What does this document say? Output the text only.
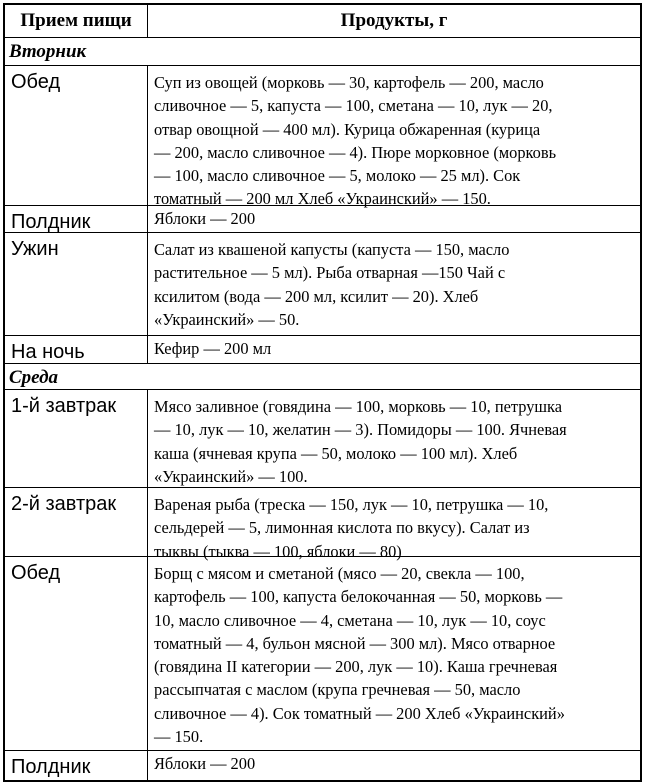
Прием пищи	Продукты, г
Вторник
Обед	Суп из овощей (морковь — 30, картофель — 200, масло
сливочное — 5, капуста — 100, сметана — 10, лук — 20,
отвар овощной — 400 мл). Курица обжаренная (курица
— 200, масло сливочное — 4). Пюре морковное (морковь
— 100, масло сливочное — 5, молоко — 25 мл). Сок
томатный — 200 мл Хлеб «Украинский» — 150.
Полдник	Яблоки — 200
Ужин	Салат из квашеной капусты (капуста — 150, масло
растительное — 5 мл). Рыба отварная —150 Чай с
ксилитом (вода — 200 мл, ксилит — 20). Хлеб
«Украинский» — 50.
На ночь	Кефир — 200 мл
Среда
1-й завтрак	Мясо заливное (говядина — 100, морковь — 10, петрушка
— 10, лук — 10, желатин — 3). Помидоры — 100. Ячневая
каша (ячневая крупа — 50, молоко — 100 мл). Хлеб
«Украинский» — 100.
2-й завтрак	Вареная рыба (треска — 150, лук — 10, петрушка — 10,
сельдерей — 5, лимонная кислота по вкусу). Салат из
тыквы (тыква — 100, яблоки — 80)
Обед	Борщ с мясом и сметаной (мясо — 20, свекла — 100,
картофель — 100, капуста белокочанная — 50, морковь —
10, масло сливочное — 4, сметана — 10, лук — 10, соус
томатный — 4, бульон мясной — 300 мл). Мясо отварное
(говядина II категории — 200, лук — 10). Каша гречневая
рассыпчатая с маслом (крупа гречневая — 50, масло
сливочное — 4). Сок томатный — 200 Хлеб «Украинский»
— 150.
Полдник	Яблоки — 200
